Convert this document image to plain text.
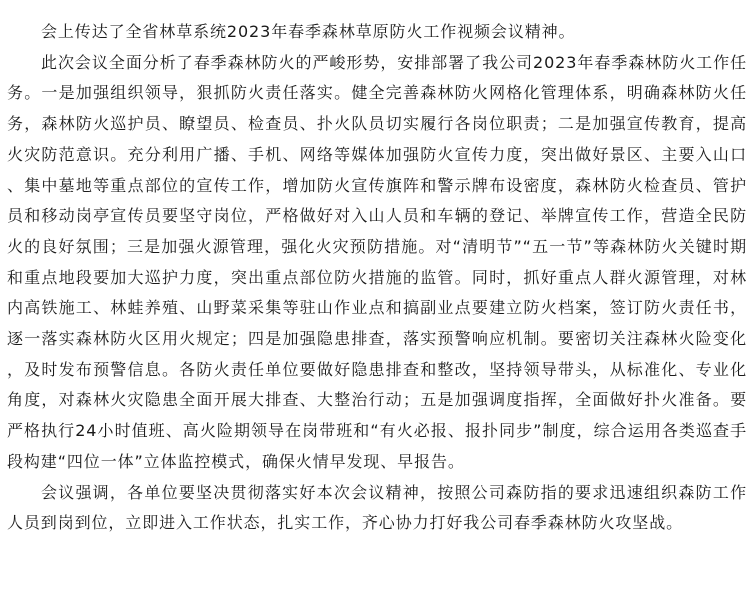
会上传达了全省林草系统2023年春季森林草原防火工作视频会议精神。

此次会议全面分析了春季森林防火的严峻形势，安排部署了我公司2023年春季森林防火工作任务。一是加强组织领导，狠抓防火责任落实。健全完善森林防火网格化管理体系，明确森林防火任务，森林防火巡护员、瞭望员、检查员、扑火队员切实履行各岗位职责；二是加强宣传教育，提高火灾防范意识。充分利用广播、手机、网络等媒体加强防火宣传力度，突出做好景区、主要入山口、集中墓地等重点部位的宣传工作，增加防火宣传旗阵和警示牌布设密度，森林防火检查员、管护员和移动岗亭宣传员要坚守岗位，严格做好对入山人员和车辆的登记、举牌宣传工作，营造全民防火的良好氛围；三是加强火源管理，强化火灾预防措施。对“清明节”“五一节”等森林防火关键时期和重点地段要加大巡护力度，突出重点部位防火措施的监管。同时，抓好重点人群火源管理，对林内高铁施工、林蛙养殖、山野菜采集等驻山作业点和搞副业点要建立防火档案，签订防火责任书，逐一落实森林防火区用火规定；四是加强隐患排查，落实预警响应机制。要密切关注森林火险变化，及时发布预警信息。各防火责任单位要做好隐患排查和整改，坚持领导带头，从标准化、专业化角度，对森林火灾隐患全面开展大排查、大整治行动；五是加强调度指挥，全面做好扑火准备。要严格执行24小时值班、高火险期领导在岗带班和“有火必报、报扑同步”制度，综合运用各类巡查手段构建“四位一体”立体监控模式，确保火情早发现、早报告。

会议强调，各单位要坚决贯彻落实好本次会议精神，按照公司森防指的要求迅速组织森防工作人员到岗到位，立即进入工作状态，扎实工作，齐心协力打好我公司春季森林防火攻坚战。
